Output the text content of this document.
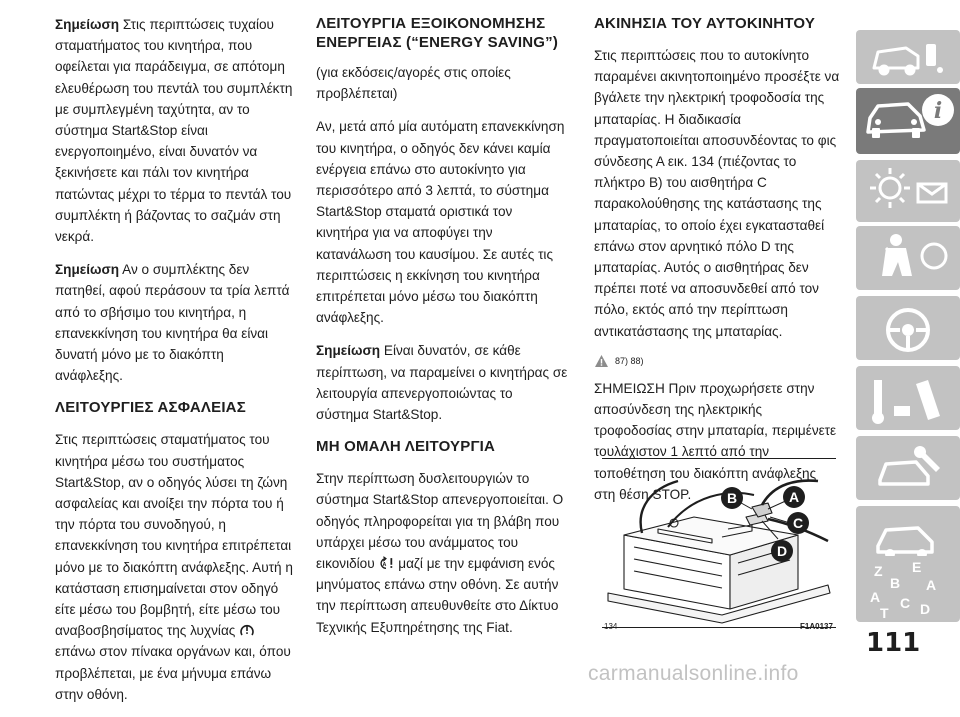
Σημείωση Στις περιπτώσεις τυχαίου σταματήματος του κινητήρα, που οφείλεται για παράδειγμα, σε απότομη ελευθέρωση του πεντάλ του συμπλέκτη με συμπλεγμένη ταχύτητα, αν το σύστημα Start&Stop είναι ενεργοποιημένο, είναι δυνατόν να ξεκινήσετε και πάλι τον κινητήρα πατώντας μέχρι το τέρμα το πεντάλ του συμπλέκτη ή βάζοντας το σαζμάν στη νεκρά.

Σημείωση Αν ο συμπλέκτης δεν πατηθεί, αφού περάσουν τα τρία λεπτά από το σβήσιμο του κινητήρα, η επανεκκίνηση του κινητήρα θα είναι δυνατή μόνο με το διακόπτη ανάφλεξης.

ΛΕΙΤΟΥΡΓΙΕΣ ΑΣΦΑΛΕΙΑΣ

Στις περιπτώσεις σταματήματος του κινητήρα μέσω του συστήματος Start&Stop, αν ο οδηγός λύσει τη ζώνη ασφαλείας και ανοίξει την πόρτα του ή την πόρτα του συνοδηγού, η επανεκκίνηση του κινητήρα επιτρέπεται μόνο με το διακόπτη ανάφλεξης. Αυτή η κατάσταση επισημαίνεται στον οδηγό είτε μέσω του βομβητή, είτε μέσω του αναβοσβησίματος της λυχνίας  επάνω στον πίνακα οργάνων και, όπου προβλέπεται, με ένα μήνυμα επάνω στην οθόνη.

ΛΕΙΤΟΥΡΓΙΑ ΕΞΟΙΚΟΝΟΜΗΣΗΣ ΕΝΕΡΓΕΙΑΣ (“ENERGY SAVING”)

(για εκδόσεις/αγορές στις οποίες προβλέπεται)

Αν, μετά από μία αυτόματη επανεκκίνηση του κινητήρα, ο οδηγός δεν κάνει καμία ενέργεια επάνω στο αυτοκίνητο για περισσότερο από 3 λεπτά, το σύστημα Start&Stop σταματά οριστικά τον κινητήρα για να αποφύγει την κατανάλωση του καυσίμου. Σε αυτές τις περιπτώσεις η εκκίνηση του κινητήρα επιτρέπεται μόνο μέσω του διακόπτη ανάφλεξης.

Σημείωση Είναι δυνατόν, σε κάθε περίπτωση, να παραμείνει ο κινητήρας σε λειτουργία απενεργοποιώντας το σύστημα Start&Stop.

ΜΗ ΟΜΑΛΗ ΛΕΙΤΟΥΡΓΙΑ

Στην περίπτωση δυσλειτουργιών το σύστημα Start&Stop απενεργοποιείται. Ο οδηγός πληροφορείται για τη βλάβη που υπάρχει μέσω του ανάμματος του εικονιδίου A μαζί με την εμφάνιση ενός μηνύματος επάνω στην οθόνη. Σε αυτήν την περίπτωση απευθυνθείτε στο Δίκτυο Τεχνικής Εξυπηρέτησης της Fiat.

ΑΚΙΝΗΣΙΑ ΤΟΥ ΑΥΤΟΚΙΝΗΤΟΥ

Στις περιπτώσεις που το αυτοκίνητο παραμένει ακινητοποιημένο προσέξτε να βγάλετε την ηλεκτρική τροφοδοσία της μπαταρίας. Η διαδικασία πραγματοποιείται αποσυνδέοντας το φις σύνδεσης Α εικ. 134 (πιέζοντας το πλήκτρο Β) του αισθητήρα C παρακολούθησης της κατάστασης της μπαταρίας, το οποίο έχει εγκατασταθεί επάνω στον αρνητικό πόλο D της μπαταρίας. Αυτός ο αισθητήρας δεν πρέπει ποτέ να αποσυνδεθεί από τον πόλο, εκτός από την περίπτωση αντικατάστασης της μπαταρίας.

87) 88)

ΣΗΜΕΙΩΣΗ Πριν προχωρήσετε στην αποσύνδεση της ηλεκτρικής τροφοδοσίας στην μπαταρία, περιμένετε τουλάχιστον 1 λεπτό από την τοποθέτηση του διακόπτη ανάφλεξης στη θέση STOP.	B	A
C
D
134	F1A0137
i
Z E
B A
A C D
T
111
carmanualsonline.info
